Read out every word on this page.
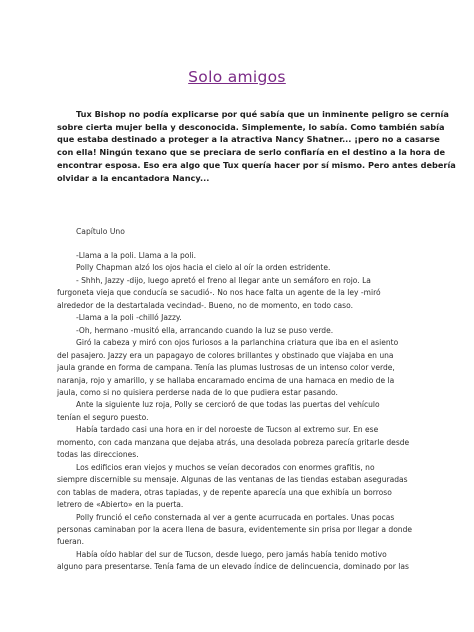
Solo amigos
Tux Bishop no podía explicarse por qué sabía que un inminente peligro se cernía
sobre cierta mujer bella y desconocida. Simplemente, lo sabía. Como también sabía
que estaba destinado a proteger a la atractiva Nancy Shatner... ¡pero no a casarse
con ella! Ningún texano que se preciara de serlo confiaría en el destino a la hora de
encontrar esposa. Eso era algo que Tux quería hacer por sí mismo. Pero antes debería
olvidar a la encantadora Nancy...
Capítulo Uno
-Llama a la poli. Llama a la poli.
Polly Chapman alzó los ojos hacia el cielo al oír la orden estridente.
- Shhh, Jazzy -dijo, luego apretó el freno al llegar ante un semáforo en rojo. La
furgoneta vieja que conducía se sacudió-. No nos hace falta un agente de la ley -miró
alrededor de la destartalada vecindad-. Bueno, no de momento, en todo caso.
-Llama a la poli -chilló Jazzy.
-Oh, hermano -musitó ella, arrancando cuando la luz se puso verde.
Giró la cabeza y miró con ojos furiosos a la parlanchina criatura que iba en el asiento
del pasajero. Jazzy era un papagayo de colores brillantes y obstinado que viajaba en una
jaula grande en forma de campana. Tenía las plumas lustrosas de un intenso color verde,
naranja, rojo y amarillo, y se hallaba encaramado encima de una hamaca en medio de la
jaula, como si no quisiera perderse nada de lo que pudiera estar pasando.
Ante la siguiente luz roja, Polly se cercioró de que todas las puertas del vehículo
tenían el seguro puesto.
Había tardado casi una hora en ir del noroeste de Tucson al extremo sur. En ese
momento, con cada manzana que dejaba atrás, una desolada pobreza parecía gritarle desde
todas las direcciones.
Los edificios eran viejos y muchos se veían decorados con enormes grafitis, no
siempre discernible su mensaje. Algunas de las ventanas de las tiendas estaban aseguradas
con tablas de madera, otras tapiadas, y de repente aparecía una que exhibía un borroso
letrero de «Abierto» en la puerta.
Polly frunció el ceño consternada al ver a gente acurrucada en portales. Unas pocas
personas caminaban por la acera llena de basura, evidentemente sin prisa por llegar a donde
fueran.
Había oído hablar del sur de Tucson, desde luego, pero jamás había tenido motivo
alguno para presentarse. Tenía fama de un elevado índice de delincuencia, dominado por las
